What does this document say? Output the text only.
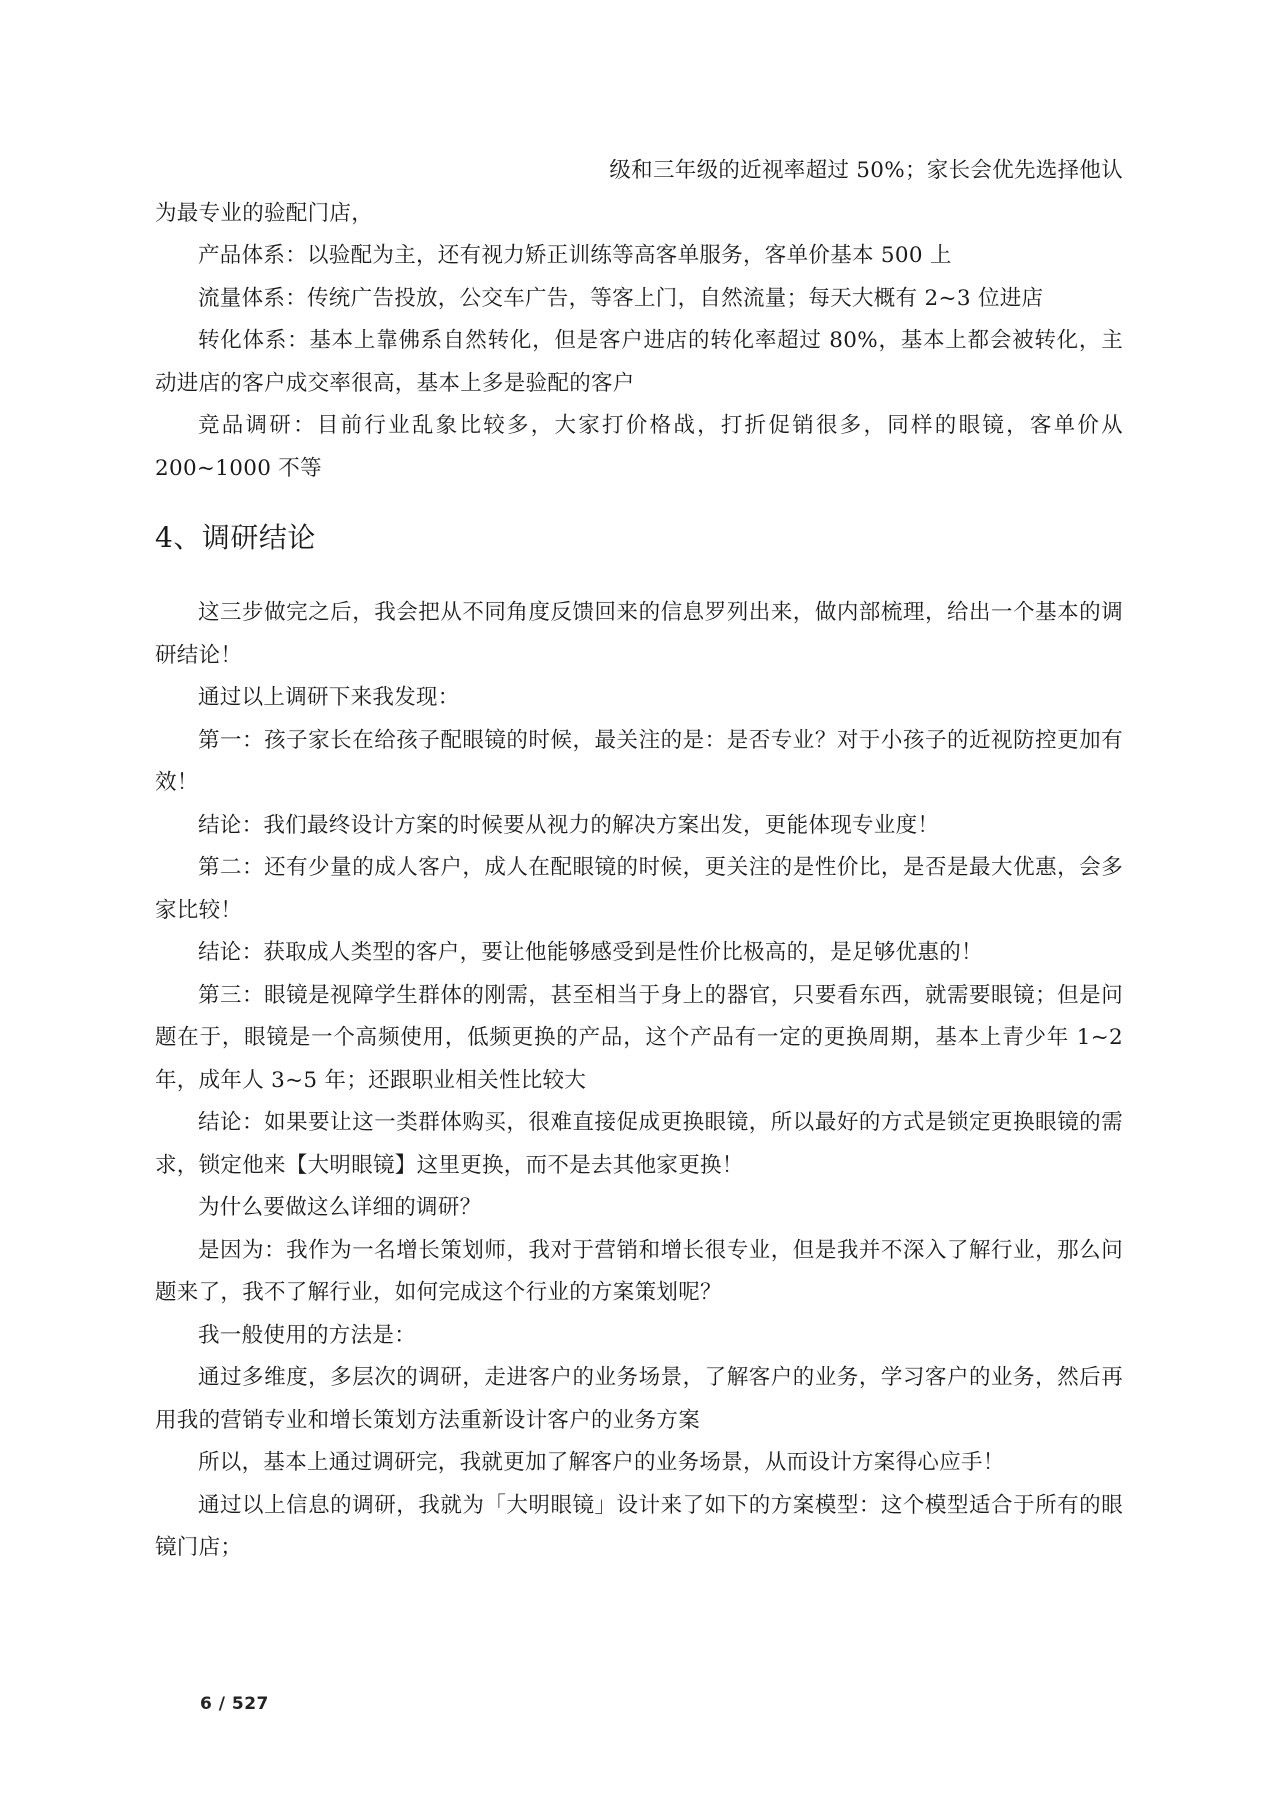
级和三年级的近视率超过 50%；家长会优先选择他认

为最专业的验配门店，

产品体系：以验配为主，还有视力矫正训练等高客单服务，客单价基本 500 上

流量体系：传统广告投放，公交车广告，等客上门，自然流量；每天大概有 2~3 位进店

转化体系：基本上靠佛系自然转化，但是客户进店的转化率超过 80%，基本上都会被转化，主动进店的客户成交率很高，基本上多是验配的客户

竞品调研：目前行业乱象比较多，大家打价格战，打折促销很多，同样的眼镜，客单价从 200~1000 不等

4、调研结论

这三步做完之后，我会把从不同角度反馈回来的信息罗列出来，做内部梳理，给出一个基本的调研结论！

通过以上调研下来我发现：

第一：孩子家长在给孩子配眼镜的时候，最关注的是：是否专业？对于小孩子的近视防控更加有效！

结论：我们最终设计方案的时候要从视力的解决方案出发，更能体现专业度！

第二：还有少量的成人客户，成人在配眼镜的时候，更关注的是性价比，是否是最大优惠，会多家比较！

结论：获取成人类型的客户，要让他能够感受到是性价比极高的，是足够优惠的！

第三：眼镜是视障学生群体的刚需，甚至相当于身上的器官，只要看东西，就需要眼镜；但是问题在于，眼镜是一个高频使用，低频更换的产品，这个产品有一定的更换周期，基本上青少年 1~2 年，成年人 3~5 年；还跟职业相关性比较大

结论：如果要让这一类群体购买，很难直接促成更换眼镜，所以最好的方式是锁定更换眼镜的需求，锁定他来【大明眼镜】这里更换，而不是去其他家更换！

为什么要做这么详细的调研？

是因为：我作为一名增长策划师，我对于营销和增长很专业，但是我并不深入了解行业，那么问题来了，我不了解行业，如何完成这个行业的方案策划呢？

我一般使用的方法是：

通过多维度，多层次的调研，走进客户的业务场景，了解客户的业务，学习客户的业务，然后再用我的营销专业和增长策划方法重新设计客户的业务方案

所以，基本上通过调研完，我就更加了解客户的业务场景，从而设计方案得心应手！

通过以上信息的调研，我就为「大明眼镜」设计来了如下的方案模型：这个模型适合于所有的眼镜门店；

6 / 527
